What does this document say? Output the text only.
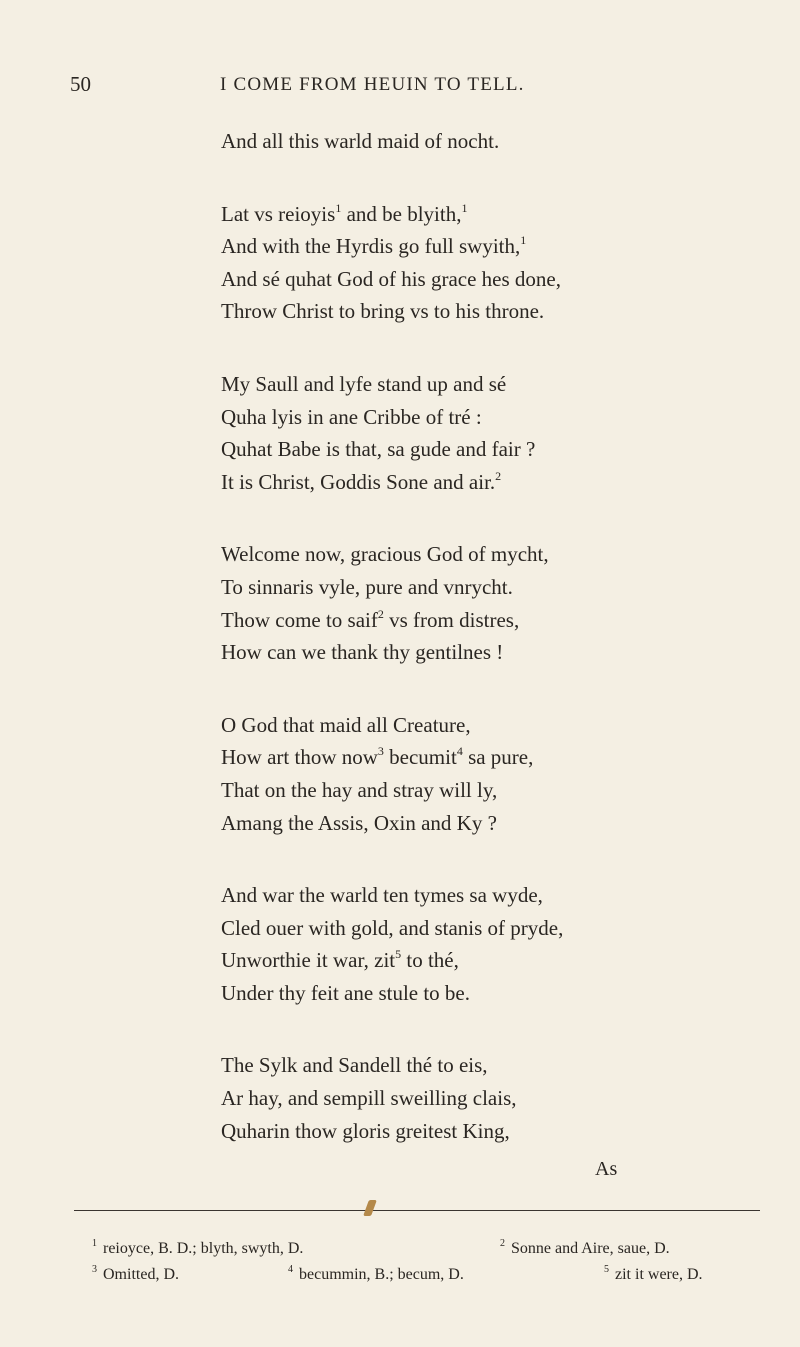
50	I COME FROM HEUIN TO TELL.
And all this warld maid of nocht.
Lat vs reioyis$^1$ and be blyith,$^1$
And with the Hyrdis go full swyith,$^1$
And sé quhat God of his grace hes done,
Throw Christ to bring vs to his throne.
My Saull and lyfe stand up and sé
Quha lyis in ane Cribbe of tré :
Quhat Babe is that, sa gude and fair ?
It is Christ, Goddis Sone and air.$^2$
Welcome now, gracious God of mycht,
To sinnaris vyle, pure and vnrycht.
Thow come to saif$^2$ vs from distres,
How can we thank thy gentilnes !
O God that maid all Creature,
How art thow now$^3$ becumit$^4$ sa pure,
That on the hay and stray will ly,
Amang the Assis, Oxin and Ky ?
And war the warld ten tymes sa wyde,
Cled ouer with gold, and stanis of pryde,
Unworthie it war, zit$^5$ to thé,
Under thy feit ane stule to be.
The Sylk and Sandell thé to eis,
Ar hay, and sempill sweilling clais,
Quharin thow gloris greitest King,
As
$^1$ reioyce, B. D.; blyth, swyth, D.	$^2$ Sonne and Aire, saue, D.
$^3$ Omitted, D.	$^4$ becummin, B.; becum, D.	$^5$ zit it were, D.
